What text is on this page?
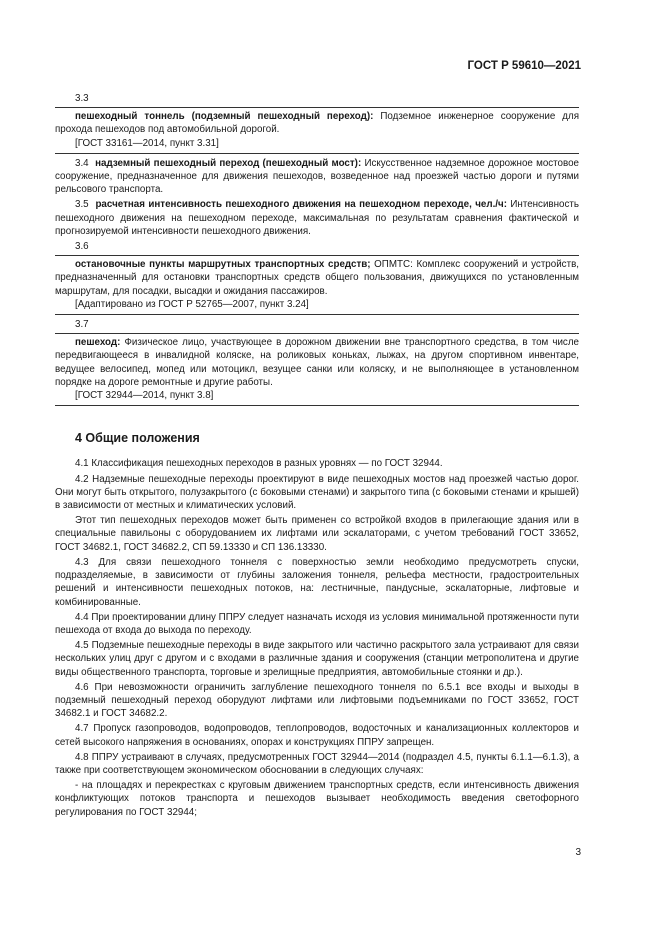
ГОСТ Р 59610—2021

3.3

пешеходный тоннель (подземный пешеходный переход): Подземное инженерное сооружение для прохода пешеходов под автомобильной дорогой.

[ГОСТ 33161—2014, пункт 3.31]

3.4 надземный пешеходный переход (пешеходный мост): Искусственное надземное дорожное мостовое сооружение, предназначенное для движения пешеходов, возведенное над проезжей частью дороги и путями рельсового транспорта.

3.5 расчетная интенсивность пешеходного движения на пешеходном переходе, чел./ч: Интенсивность пешеходного движения на пешеходном переходе, максимальная по результатам сравнения фактической и прогнозируемой интенсивности пешеходного движения.

3.6

остановочные пункты маршрутных транспортных средств; ОПМТС: Комплекс сооружений и устройств, предназначенный для остановки транспортных средств общего пользования, движущихся по установленным маршрутам, для посадки, высадки и ожидания пассажиров.

[Адаптировано из ГОСТ Р 52765—2007, пункт 3.24]

3.7

пешеход: Физическое лицо, участвующее в дорожном движении вне транспортного средства, в том числе передвигающееся в инвалидной коляске, на роликовых коньках, лыжах, на другом спортивном инвентаре, ведущее велосипед, мопед или мотоцикл, везущее санки или коляску, и не выполняющее в установленном порядке на дороге ремонтные и другие работы.

[ГОСТ 32944—2014, пункт 3.8]

4 Общие положения

4.1 Классификация пешеходных переходов в разных уровнях — по ГОСТ 32944.

4.2 Надземные пешеходные переходы проектируют в виде пешеходных мостов над проезжей частью дорог. Они могут быть открытого, полузакрытого (с боковыми стенами) и закрытого типа (с боковыми стенами и крышей) в зависимости от местных и климатических условий.

Этот тип пешеходных переходов может быть применен со встройкой входов в прилегающие здания или в специальные павильоны с оборудованием их лифтами или эскалаторами, с учетом требований ГОСТ 33652, ГОСТ 34682.1, ГОСТ 34682.2, СП 59.13330 и СП 136.13330.

4.3 Для связи пешеходного тоннеля с поверхностью земли необходимо предусмотреть спуски, подразделяемые, в зависимости от глубины заложения тоннеля, рельефа местности, градостроительных решений и интенсивности пешеходных потоков, на: лестничные, пандусные, эскалаторные, лифтовые и комбинированные.

4.4 При проектировании длину ППРУ следует назначать исходя из условия минимальной протяженности пути пешехода от входа до выхода по переходу.

4.5 Подземные пешеходные переходы в виде закрытого или частично раскрытого зала устраивают для связи нескольких улиц друг с другом и с входами в различные здания и сооружения (станции метрополитена и другие виды общественного транспорта, торговые и зрелищные предприятия, автомобильные стоянки и др.).

4.6 При невозможности ограничить заглубление пешеходного тоннеля по 6.5.1 все входы и выходы в подземный пешеходный переход оборудуют лифтами или лифтовыми подъемниками по ГОСТ 33652, ГОСТ 34682.1 и ГОСТ 34682.2.

4.7 Пропуск газопроводов, водопроводов, теплопроводов, водосточных и канализационных коллекторов и сетей высокого напряжения в основаниях, опорах и конструкциях ППРУ запрещен.

4.8 ППРУ устраивают в случаях, предусмотренных ГОСТ 32944—2014 (подраздел 4.5, пункты 6.1.1—6.1.3), а также при соответствующем экономическом обосновании в следующих случаях:

- на площадях и перекрестках с круговым движением транспортных средств, если интенсивность движения конфликтующих потоков транспорта и пешеходов вызывает необходимость введения светофорного регулирования по ГОСТ 32944;

3
